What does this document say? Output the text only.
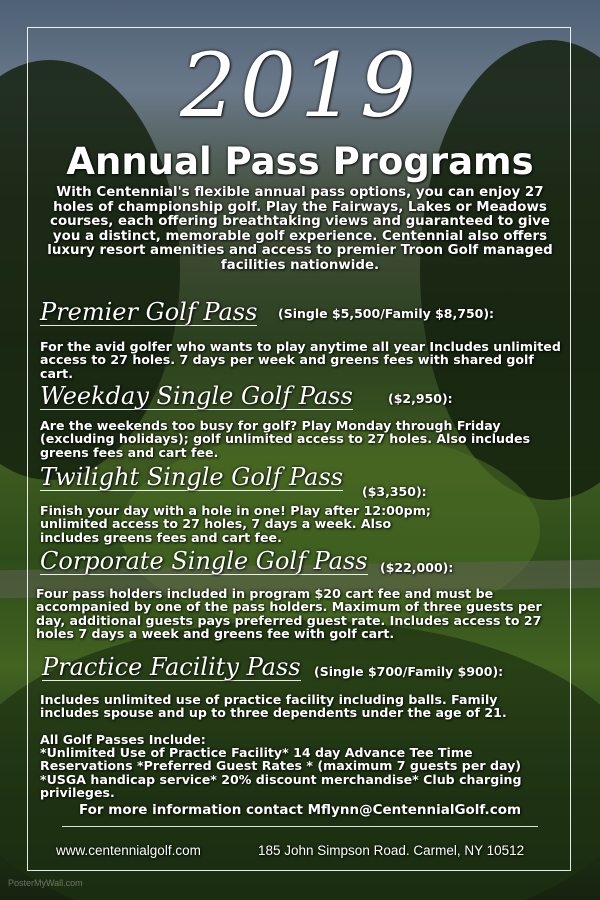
2019
Annual Pass Programs
With Centennial's flexible annual pass options, you can enjoy 27 holes of championship golf. Play the Fairways, Lakes or Meadows courses, each offering breathtaking views and guaranteed to give you a distinct, memorable golf experience. Centennial also offers luxury resort amenities and access to premier Troon Golf managed facilities nationwide.
Premier Golf Pass (Single $5,500/Family $8,750):
For the avid golfer who wants to play anytime all year Includes unlimited access to 27 holes. 7 days per week and greens fees with shared golf cart.
Weekday Single Golf Pass	($2,950):
Are the weekends too busy for golf? Play Monday through Friday (excluding holidays); golf unlimited access to 27 holes. Also includes greens fees and cart fee.
Twilight Single Golf Pass
($3,350):
Finish your day with a hole in one! Play after 12:00pm; unlimited access to 27 holes, 7 days a week. Also includes greens fees and cart fee.
Corporate Single Golf Pass ($22,000):
Four pass holders included in program $20 cart fee and must be accompanied by one of the pass holders. Maximum of three guests per day, additional guests pays preferred guest rate. Includes access to 27 holes 7 days a week and greens fee with golf cart.
Practice Facility Pass (Single $700/Family $900):
Includes unlimited use of practice facility including balls. Family includes spouse and up to three dependents under the age of 21.
All Golf Passes Include:
*Unlimited Use of Practice Facility* 14 day Advance Tee Time Reservations *Preferred Guest Rates * (maximum 7 guests per day) *USGA handicap service* 20% discount merchandise* Club charging privileges.
For more information contact Mflynn@CentennialGolf.com
www.centennialgolf.com	185 John Simpson Road. Carmel, NY 10512
PosterMyWall.com
